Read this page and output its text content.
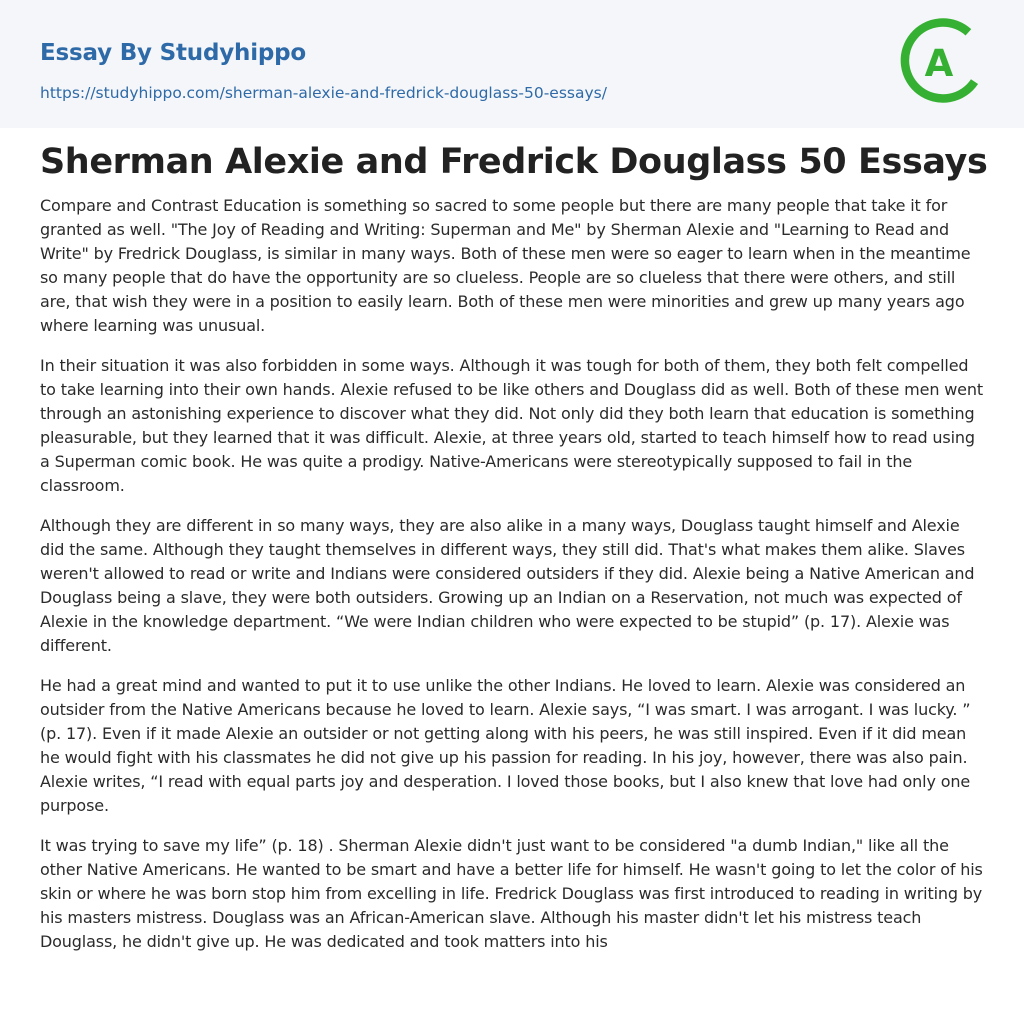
Essay By Studyhippo
https://studyhippo.com/sherman-alexie-and-fredrick-douglass-50-essays/
A
Sherman Alexie and Fredrick Douglass 50 Essays

Compare and Contrast Education is something so sacred to some people but there are many people that take it for granted as well. "The Joy of Reading and Writing: Superman and Me" by Sherman Alexie and "Learning to Read and Write" by Fredrick Douglass, is similar in many ways. Both of these men were so eager to learn when in the meantime so many people that do have the opportunity are so clueless. People are so clueless that there were others, and still are, that wish they were in a position to easily learn. Both of these men were minorities and grew up many years ago where learning was unusual.

In their situation it was also forbidden in some ways. Although it was tough for both of them, they both felt compelled to take learning into their own hands. Alexie refused to be like others and Douglass did as well. Both of these men went through an astonishing experience to discover what they did. Not only did they both learn that education is something pleasurable, but they learned that it was difficult. Alexie, at three years old, started to teach himself how to read using a Superman comic book. He was quite a prodigy. Native-Americans were stereotypically supposed to fail in the classroom.

Although they are different in so many ways, they are also alike in a many ways, Douglass taught himself and Alexie did the same. Although they taught themselves in different ways, they still did. That's what makes them alike. Slaves weren't allowed to read or write and Indians were considered outsiders if they did. Alexie being a Native American and Douglass being a slave, they were both outsiders. Growing up an Indian on a Reservation, not much was expected of Alexie in the knowledge department. “We were Indian children who were expected to be stupid” (p. 17). Alexie was different.

He had a great mind and wanted to put it to use unlike the other Indians. He loved to learn. Alexie was considered an outsider from the Native Americans because he loved to learn. Alexie says, “I was smart. I was arrogant. I was lucky. ” (p. 17). Even if it made Alexie an outsider or not getting along with his peers, he was still inspired. Even if it did mean he would fight with his classmates he did not give up his passion for reading. In his joy, however, there was also pain. Alexie writes, “I read with equal parts joy and desperation. I loved those books, but I also knew that love had only one purpose.

It was trying to save my life” (p. 18) . Sherman Alexie didn't just want to be considered "a dumb Indian," like all the other Native Americans. He wanted to be smart and have a better life for himself. He wasn't going to let the color of his skin or where he was born stop him from excelling in life. Fredrick Douglass was first introduced to reading in writing by his masters mistress. Douglass was an African-American slave. Although his master didn't let his mistress teach Douglass, he didn't give up. He was dedicated and took matters into his
